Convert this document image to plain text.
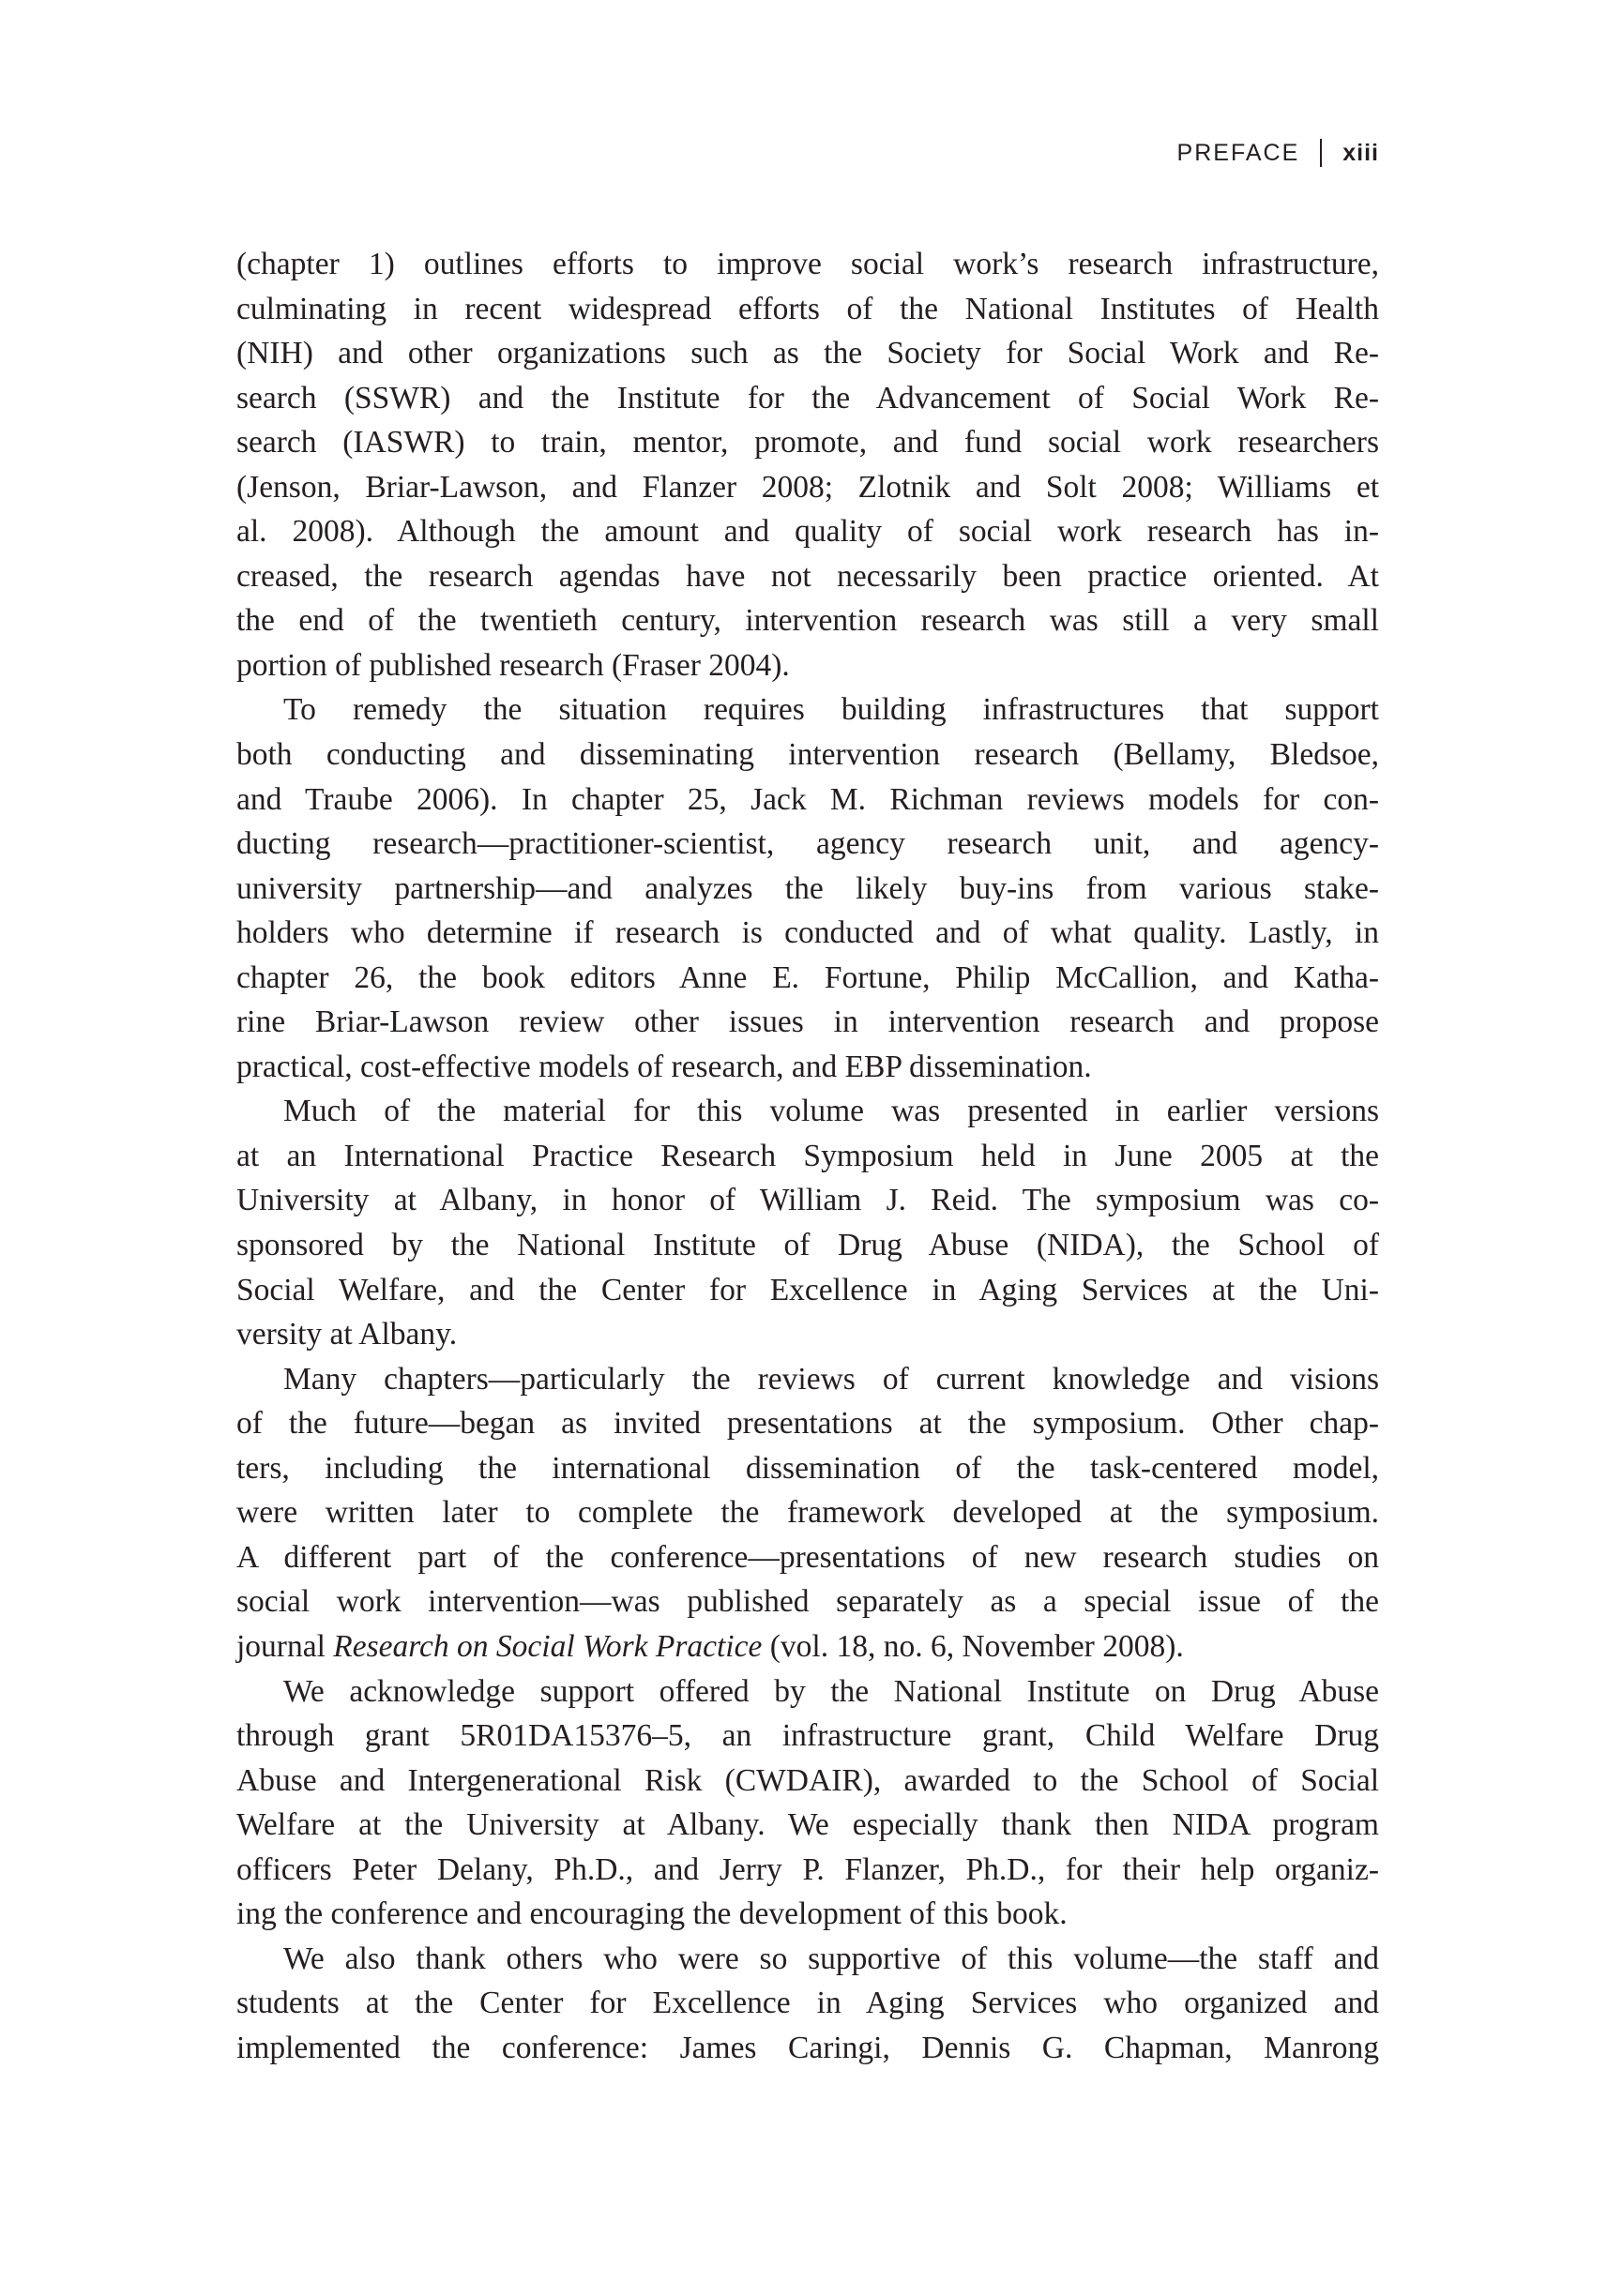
PREFACE xiii
(chapter 1) outlines efforts to improve social work’s research infrastructure,
culminating in recent widespread efforts of the National Institutes of Health
(NIH) and other organizations such as the Society for Social Work and Re-
search (SSWR) and the Institute for the Advancement of Social Work Re-
search (IASWR) to train, mentor, promote, and fund social work researchers
(Jenson, Briar-Lawson, and Flanzer 2008; Zlotnik and Solt 2008; Williams et
al. 2008). Although the amount and quality of social work research has in-
creased, the research agendas have not necessarily been practice oriented. At
the end of the twentieth century, intervention research was still a very small
portion of published research (Fraser 2004).
To remedy the situation requires building infrastructures that support
both conducting and disseminating intervention research (Bellamy, Bledsoe,
and Traube 2006). In chapter 25, Jack M. Richman reviews models for con-
ducting research—practitioner-scientist, agency research unit, and agency-
university partnership—and analyzes the likely buy-ins from various stake-
holders who determine if research is conducted and of what quality. Lastly, in
chapter 26, the book editors Anne E. Fortune, Philip McCallion, and Katha-
rine Briar-Lawson review other issues in intervention research and propose
practical, cost-effective models of research, and EBP dissemination.
Much of the material for this volume was presented in earlier versions
at an International Practice Research Symposium held in June 2005 at the
University at Albany, in honor of William J. Reid. The symposium was co-
sponsored by the National Institute of Drug Abuse (NIDA), the School of
Social Welfare, and the Center for Excellence in Aging Services at the Uni-
versity at Albany.
Many chapters—particularly the reviews of current knowledge and visions
of the future—began as invited presentations at the symposium. Other chap-
ters, including the international dissemination of the task-centered model,
were written later to complete the framework developed at the symposium.
A different part of the conference—presentations of new research studies on
social work intervention—was published separately as a special issue of the
journal Research on Social Work Practice (vol. 18, no. 6, November 2008).
We acknowledge support offered by the National Institute on Drug Abuse
through grant 5R01DA15376–5, an infrastructure grant, Child Welfare Drug
Abuse and Intergenerational Risk (CWDAIR), awarded to the School of Social
Welfare at the University at Albany. We especially thank then NIDA program
officers Peter Delany, Ph.D., and Jerry P. Flanzer, Ph.D., for their help organiz-
ing the conference and encouraging the development of this book.
We also thank others who were so supportive of this volume—the staff and
students at the Center for Excellence in Aging Services who organized and
implemented the conference: James Caringi, Dennis G. Chapman, Manrong
